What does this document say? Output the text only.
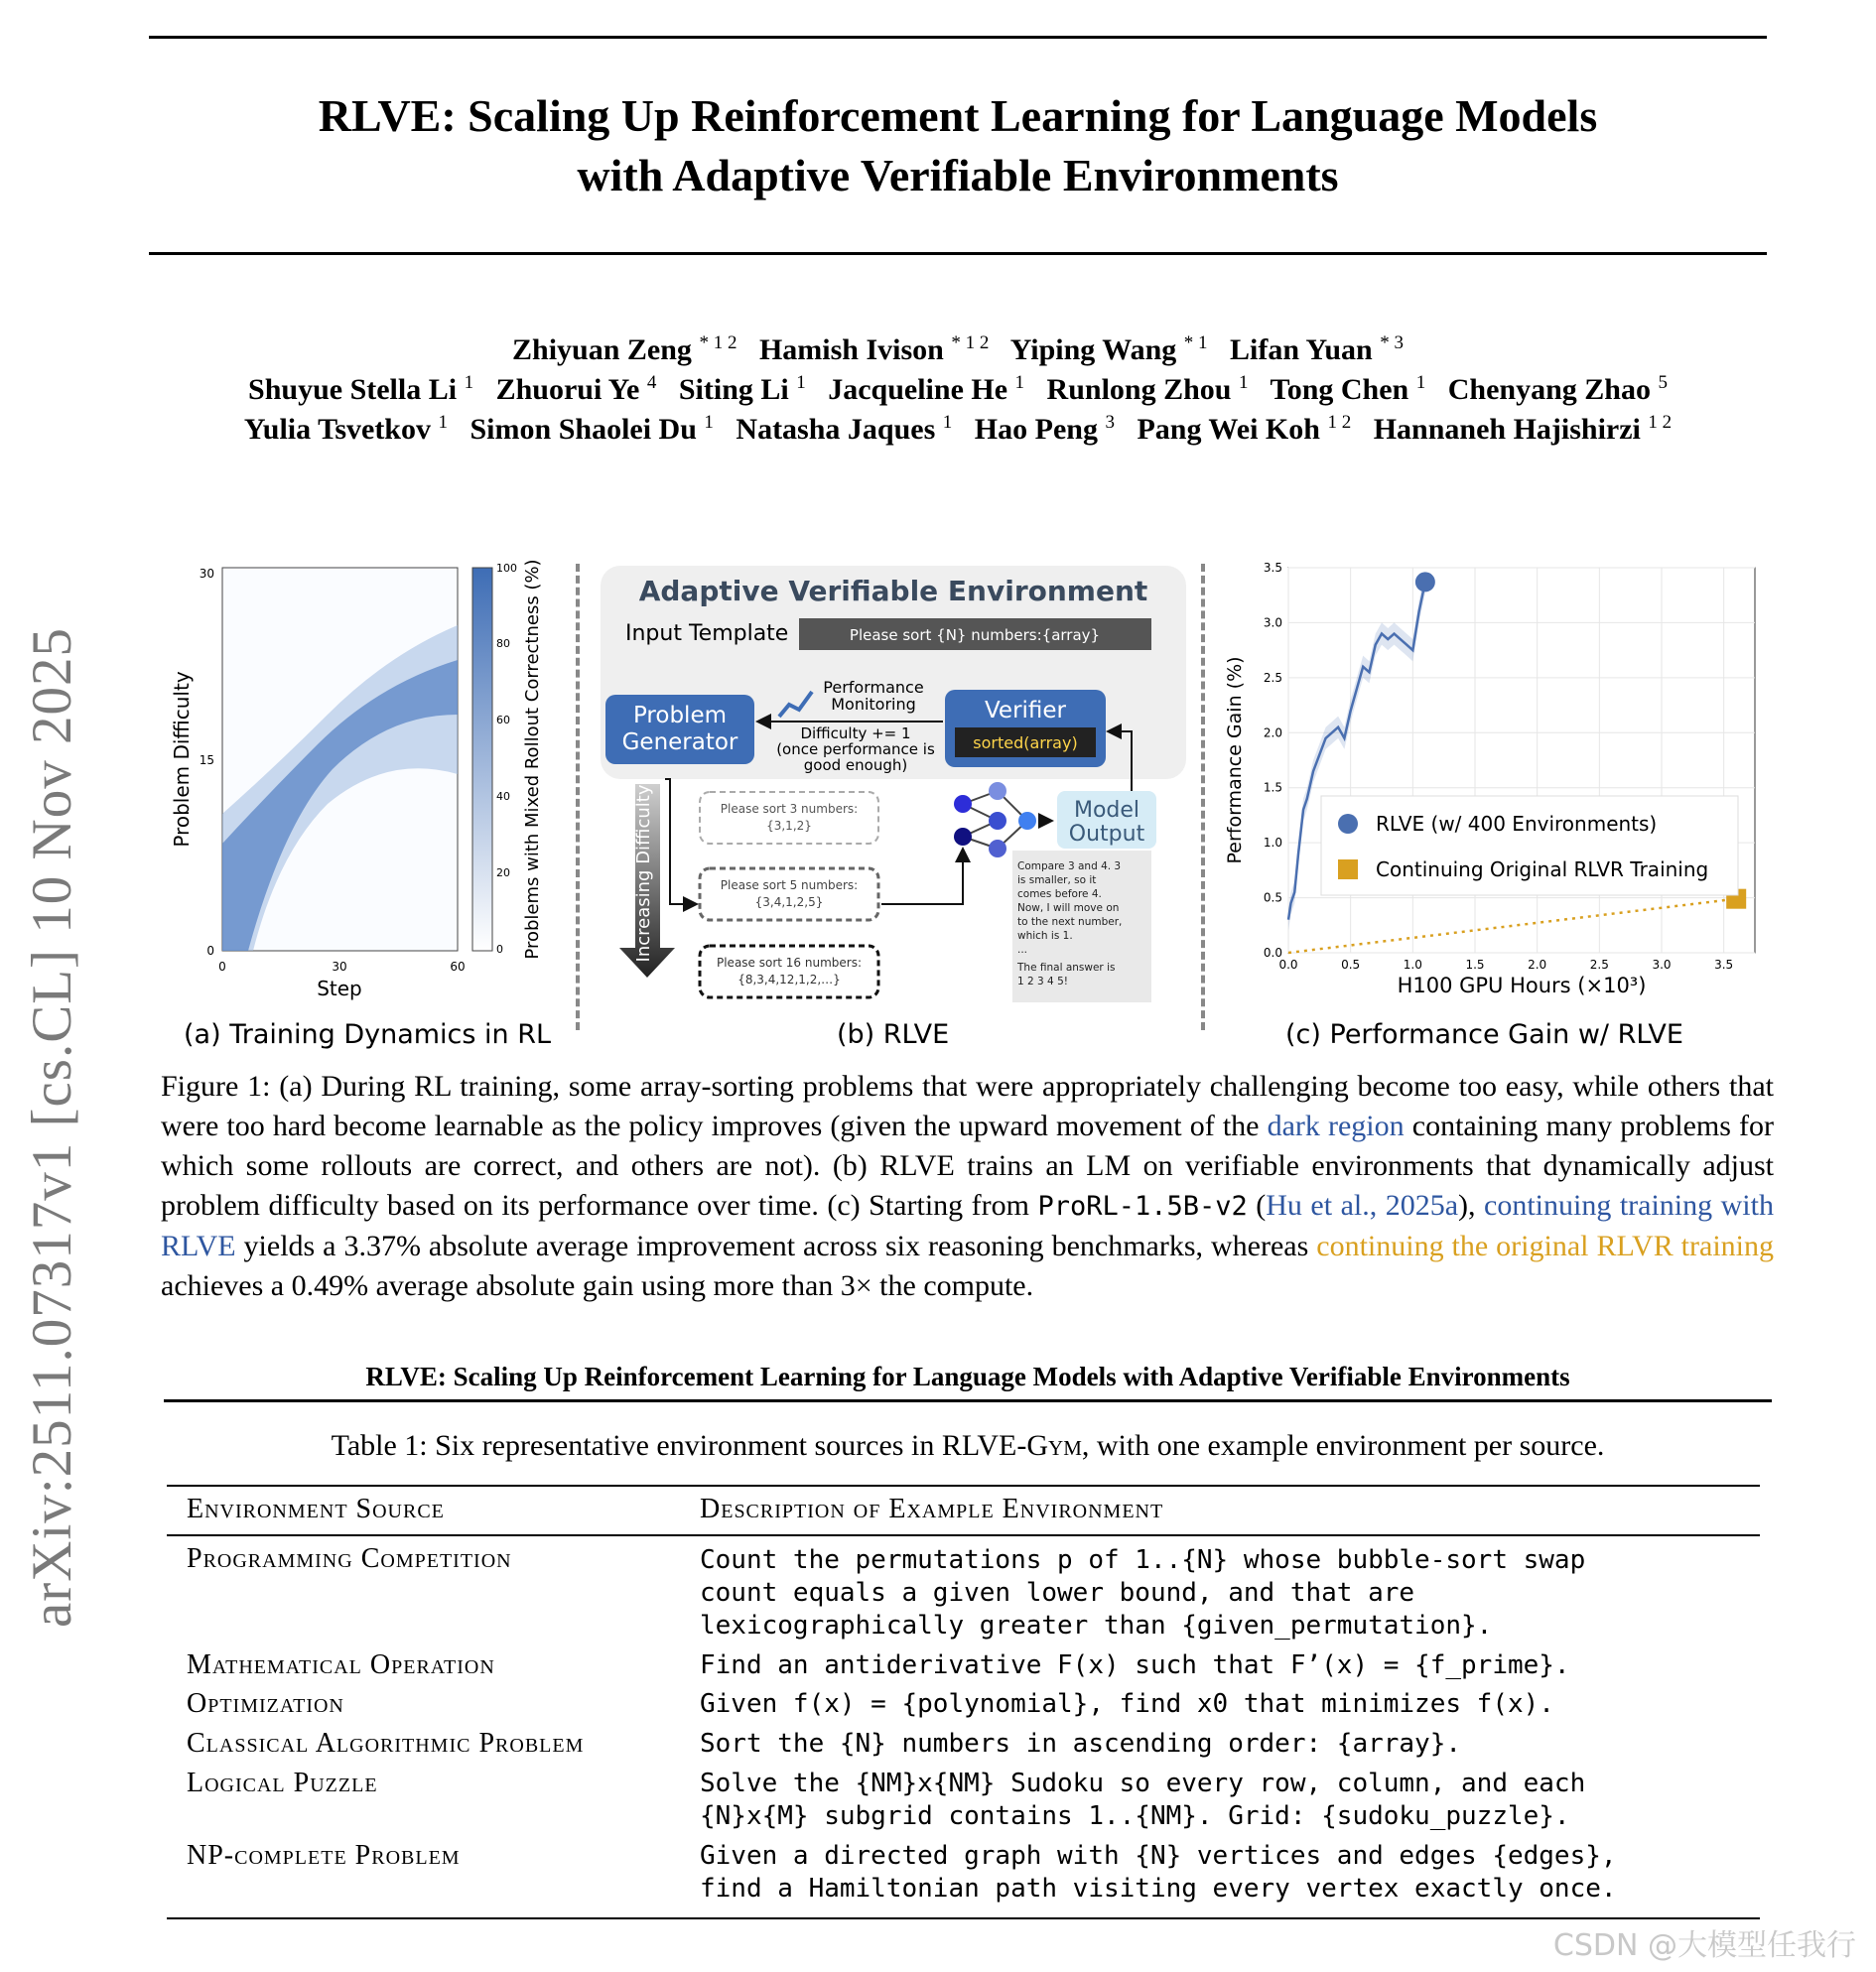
RLVE: Scaling Up Reinforcement Learning for Language Models
with Adaptive Verifiable Environments
arXiv:2511.07317v1 [cs.CL] 10 Nov 2025
Zhiyuan Zeng $^{* 1 2}$ Hamish Ivison $^{* 1 2}$ Yiping Wang $^{* 1}$ Lifan Yuan $^{* 3}$
Shuyue Stella Li $^1$ Zhuorui Ye $^4$ Siting Li $^1$ Jacqueline He $^1$ Runlong Zhou $^1$ Tong Chen $^1$ Chenyang Zhao $^5$
Yulia Tsvetkov $^1$ Simon Shaolei Du $^1$ Natasha Jaques $^1$ Hao Peng $^3$ Pang Wei Koh $^{1 2}$ Hannaneh Hajishirzi $^{1 2}$
30
15
0
0	30	60
Step
Problem Difficulty
0
20
40
60
80
100 Problems with Mixed Rollout Correctness (%)
(a) Training Dynamics in RL
Adaptive Verifiable Environment
Input Template	Please sort {N} numbers:{array}
Problem
Generator
Verifier
sorted(array)
Performance
Monitoring
Difficulty += 1
(once performance is
good enough)
Increasing Difficulty	Please sort 3 numbers:
{3,1,2}
Please sort 5 numbers:
{3,4,1,2,5}
Please sort 16 numbers:
{8,3,4,12,1,2,…}
Model
Output
Compare 3 and 4. 3
is smaller, so it
comes before 4.
Now, I will move on
to the next number,
which is 1.
...
The final answer is
1 2 3 4 5!
(b) RLVE
0.0	0.5	1.0	1.5	2.0	2.5	3.0	3.5
0.0
0.5
1.0
1.5
2.0
2.5
3.0
3.5
RLVE (w/ 400 Environments)
Continuing Original RLVR Training
H100 GPU Hours (×10³)
Performance Gain (%)
(c) Performance Gain w/ RLVE
Figure 1: (a) During RL training, some array-sorting problems that were appropriately challenging become too easy, while others that were too hard become learnable as the policy improves (given the upward movement of the dark region containing many problems for which some rollouts are correct, and others are not). (b) RLVE trains an LM on verifiable environments that dynamically adjust problem difficulty based on its performance over time. (c) Starting from ProRL-1.5B-v2 (Hu et al., 2025a), continuing training with RLVE yields a 3.37% absolute average improvement across six reasoning benchmarks, whereas continuing the original RLVR training achieves a 0.49% average absolute gain using more than 3× the compute.
RLVE: Scaling Up Reinforcement Learning for Language Models with Adaptive Verifiable Environments
Table 1: Six representative environment sources in RLVE-Gym, with one example environment per source.
Environment Source	Description of Example Environment
Programming Competition	Count the permutations p of 1..{N} whose bubble-sort swap
count equals a given lower bound, and that are
lexicographically greater than {given_permutation}.
Mathematical Operation	Find an antiderivative F(x) such that F’(x) = {f_prime}.
Optimization	Given f(x) = {polynomial}, find x0 that minimizes f(x).
Classical Algorithmic Problem	Sort the {N} numbers in ascending order: {array}.
Logical Puzzle	Solve the {NM}x{NM} Sudoku so every row, column, and each
{N}x{M} subgrid contains 1..{NM}. Grid: {sudoku_puzzle}.
NP-complete Problem	Given a directed graph with {N} vertices and edges {edges},
find a Hamiltonian path visiting every vertex exactly once.
CSDN @大模型任我行
